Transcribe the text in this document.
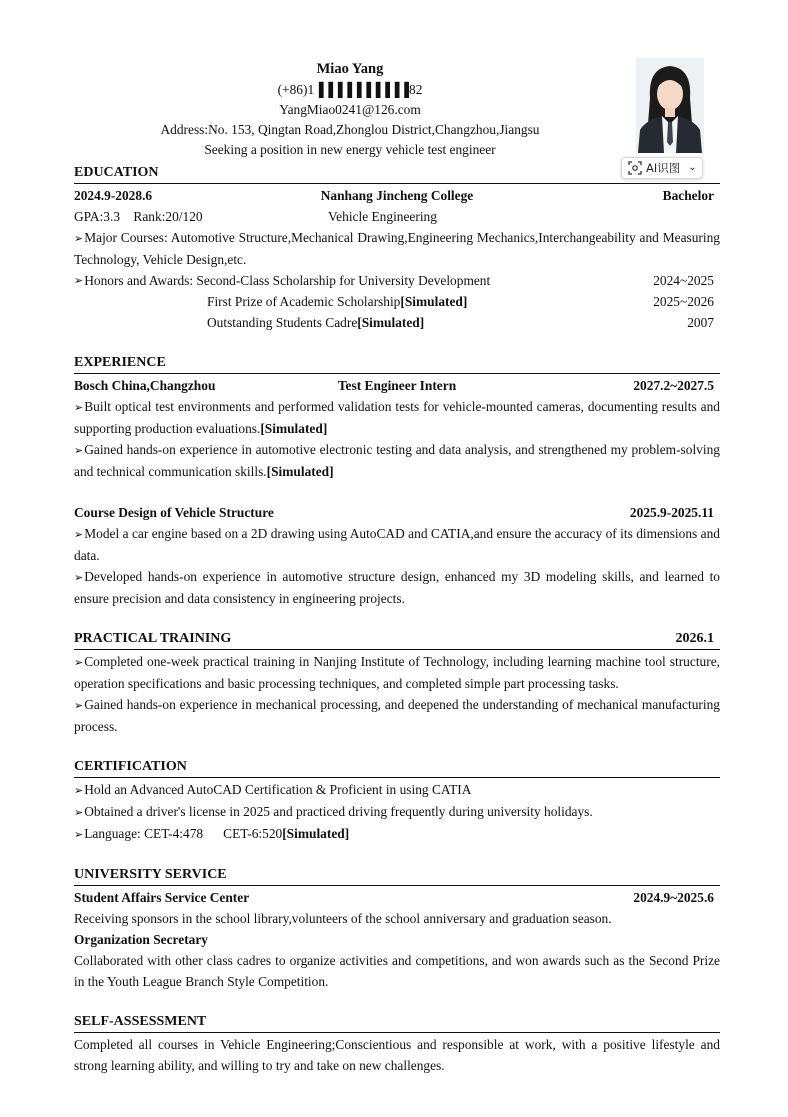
Miao Yang
(+86)1▐▐▐▐▐▐▐▐▐▐82
YangMiao0241@126.com
Address:No. 153, Qingtan Road,Zhonglou District,Changzhou,Jiangsu
Seeking a position in new energy vehicle test engineer
AI识图 ⌄
EDUCATION
2024.9-2028.6	Nanhang Jincheng College	Bachelor
GPA:3.3    Rank:20/120	Vehicle Engineering
➢ Major Courses: Automotive Structure,Mechanical Drawing,Engineering Mechanics,Interchangeability and Measuring Technology, Vehicle Design,etc.
➢ Honors and Awards: Second-Class Scholarship for University Development	2024~2025
First Prize of Academic Scholarship[Simulated]	2025~2026
Outstanding Students Cadre[Simulated]	2007
EXPERIENCE
Bosch China,Changzhou	Test Engineer Intern	2027.2~2027.5
➢ Built optical test environments and performed validation tests for vehicle-mounted cameras, documenting results and supporting production evaluations.[Simulated]
➢ Gained hands-on experience in automotive electronic testing and data analysis, and strengthened my problem-solving and technical communication skills.[Simulated]
Course Design of Vehicle Structure	2025.9-2025.11
➢ Model a car engine based on a 2D drawing using AutoCAD and CATIA,and ensure the accuracy of its dimensions and data.
➢ Developed hands-on experience in automotive structure design, enhanced my 3D modeling skills, and learned to ensure precision and data consistency in engineering projects.
PRACTICAL TRAINING	2026.1
➢ Completed one-week practical training in Nanjing Institute of Technology, including learning machine tool structure, operation specifications and basic processing techniques, and completed simple part processing tasks.
➢ Gained hands-on experience in mechanical processing, and deepened the understanding of mechanical manufacturing process.
CERTIFICATION
➢ Hold an Advanced AutoCAD Certification & Proficient in using CATIA
➢ Obtained a driver's license in 2025 and practiced driving frequently during university holidays.
➢ Language: CET-4:478      CET-6:520[Simulated]
UNIVERSITY SERVICE
Student Affairs Service Center	2024.9~2025.6
Receiving sponsors in the school library,volunteers of the school anniversary and graduation season.
Organization Secretary
Collaborated with other class cadres to organize activities and competitions, and won awards such as the Second Prize in the Youth League Branch Style Competition.
SELF-ASSESSMENT
Completed all courses in Vehicle Engineering;Conscientious and responsible at work, with a positive lifestyle and strong learning ability, and willing to try and take on new challenges.
